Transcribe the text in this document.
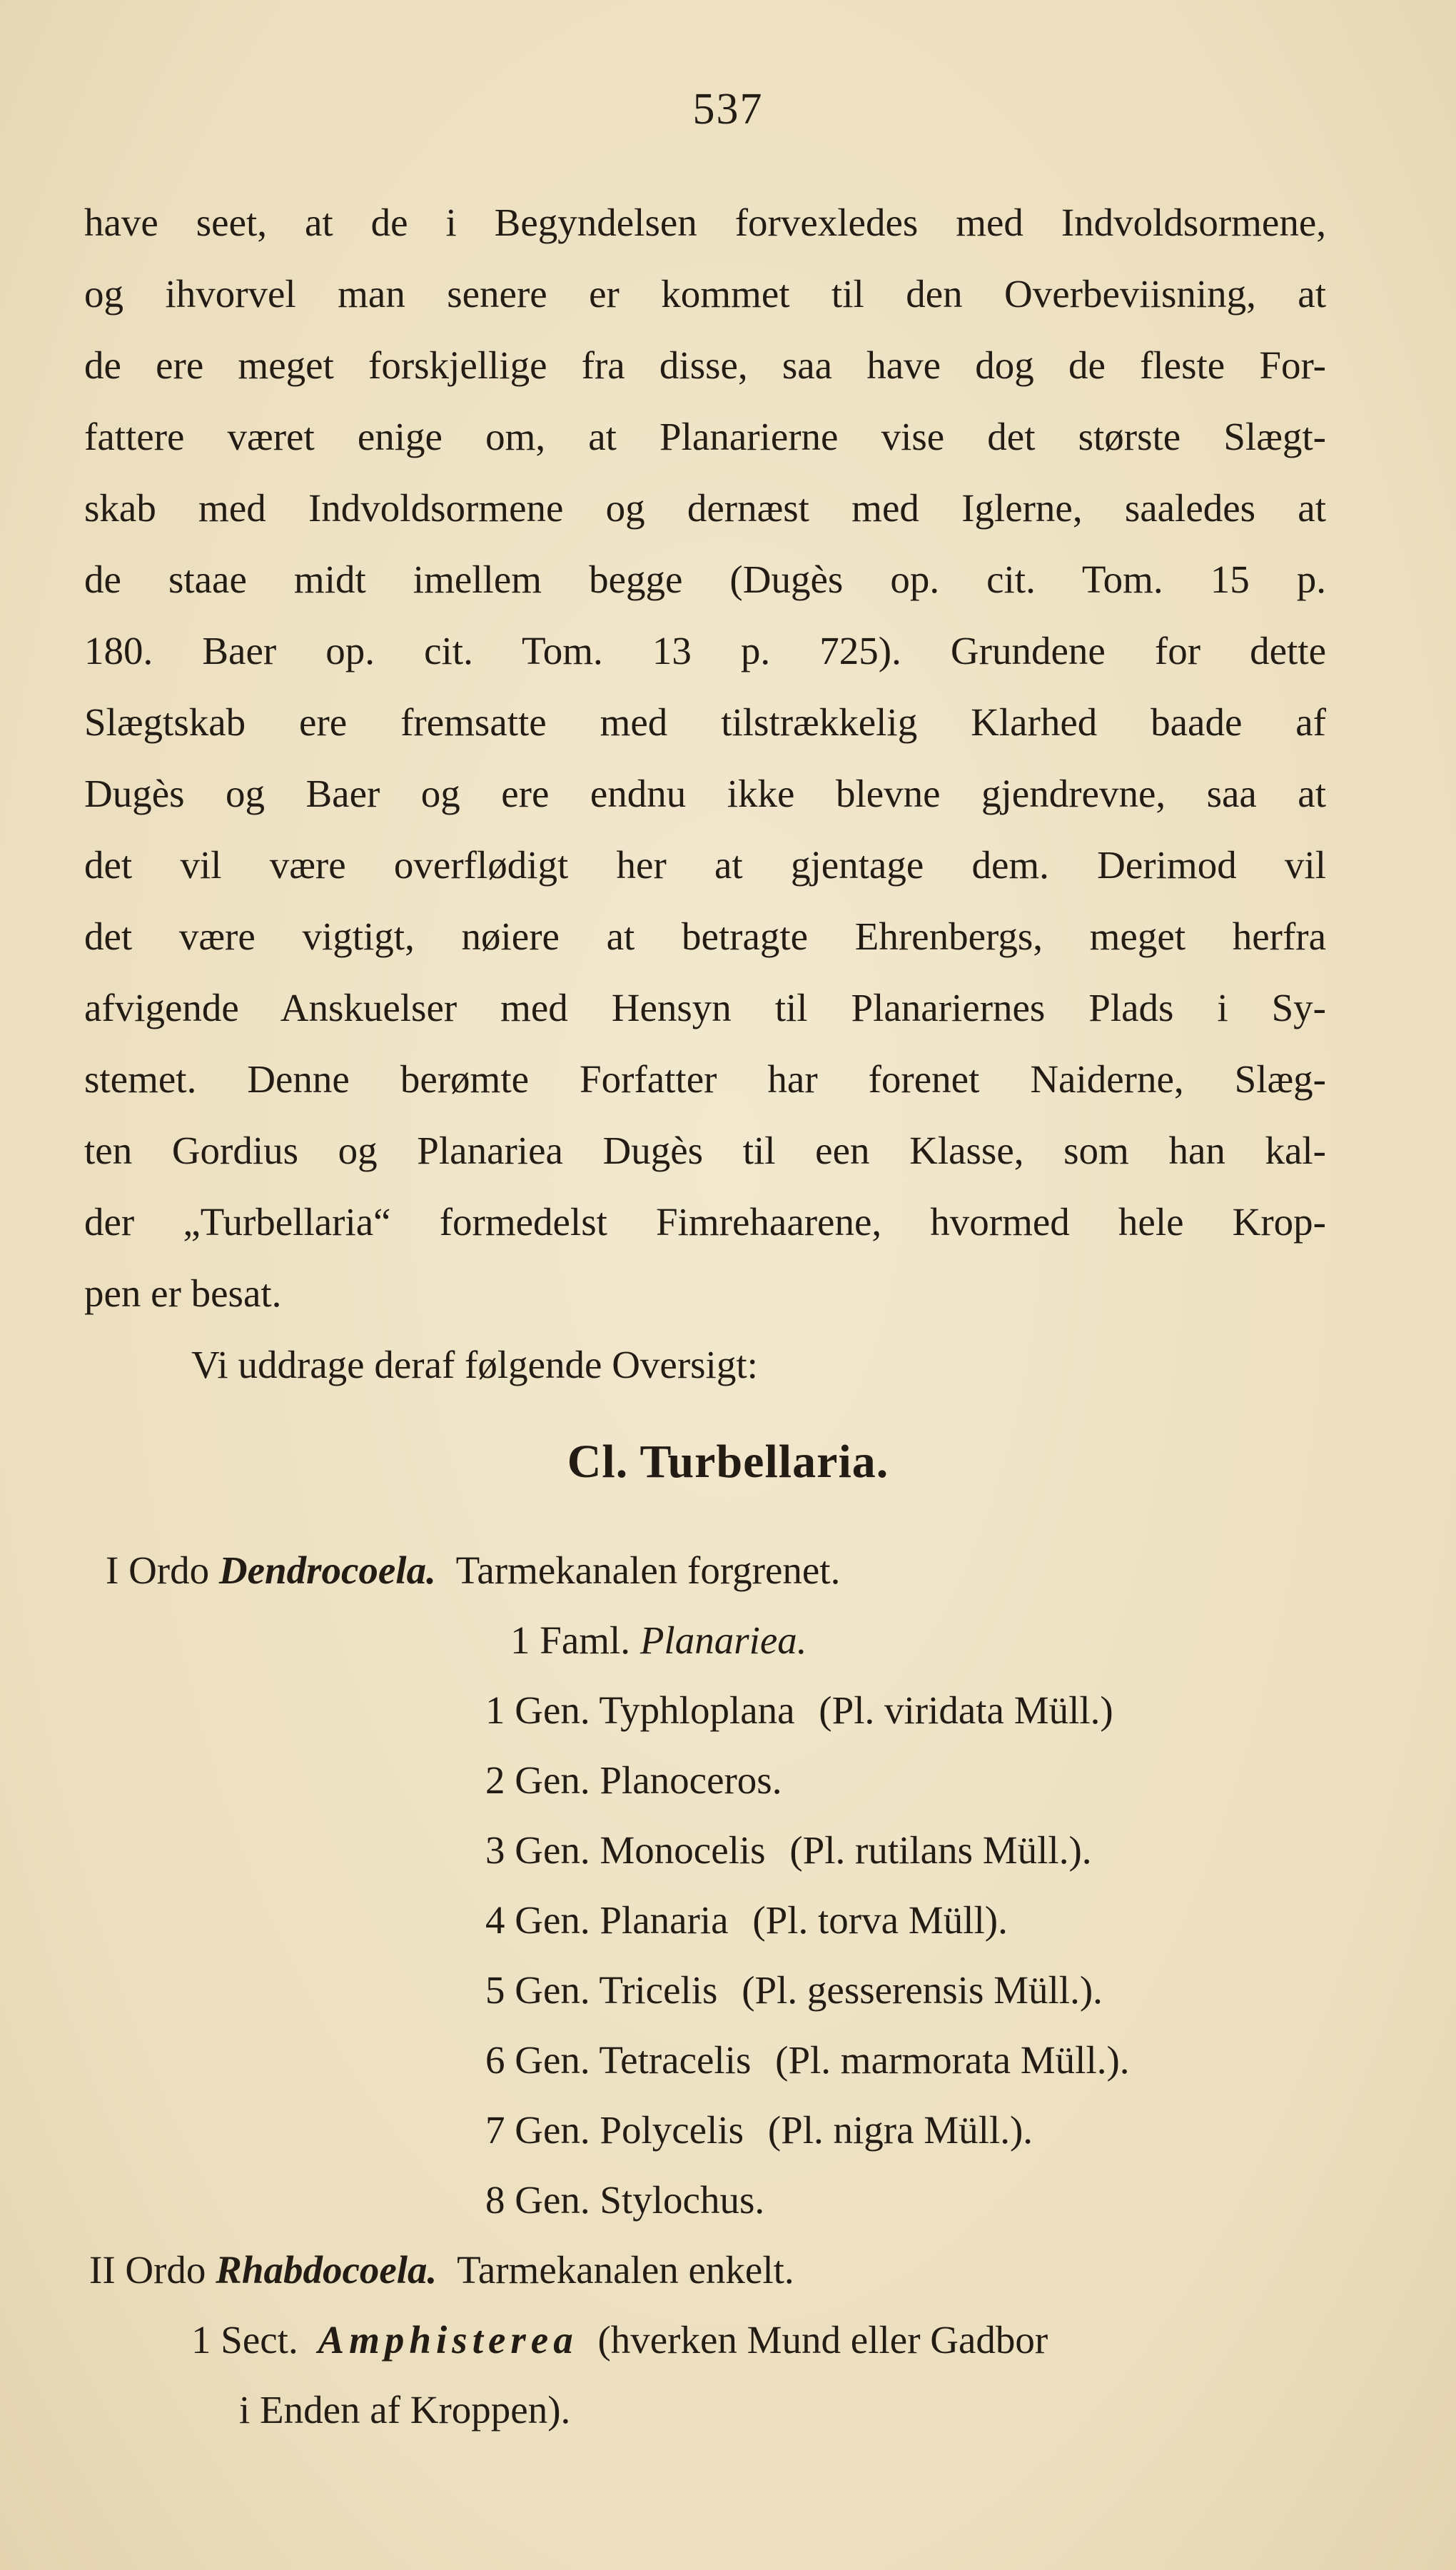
537
have seet, at de i Begyndelsen forvexledes med Indvoldsormene,
og ihvorvel man senere er kommet til den Overbeviisning, at
de ere meget forskjellige fra disse, saa have dog de fleste For-
fattere været enige om, at Planarierne vise det største Slægt-
skab med Indvoldsormene og dernæst med Iglerne, saaledes at
de staae midt imellem begge (Dugès op. cit. Tom. 15 p.
180. Baer op. cit. Tom. 13 p. 725). Grundene for dette
Slægtskab ere fremsatte med tilstrækkelig Klarhed baade af
Dugès og Baer og ere endnu ikke blevne gjendrevne, saa at
det vil være overflødigt her at gjentage dem. Derimod vil
det være vigtigt, nøiere at betragte Ehrenbergs, meget herfra
afvigende Anskuelser med Hensyn til Planariernes Plads i Sy-
stemet. Denne berømte Forfatter har forenet Naiderne, Slæg-
ten Gordius og Planariea Dugès til een Klasse, som han kal-
der „Turbellaria“ formedelst Fimrehaarene, hvormed hele Krop-
pen er besat.
Vi uddrage deraf følgende Oversigt:
Cl. Turbellaria.
I Ordo Dendrocoela. Tarmekanalen forgrenet.
1 Faml. Planariea.
1 Gen. Typhloplana (Pl. viridata Müll.)
2 Gen. Planoceros.
3 Gen. Monocelis (Pl. rutilans Müll.).
4 Gen. Planaria (Pl. torva Müll).
5 Gen. Tricelis (Pl. gesserensis Müll.).
6 Gen. Tetracelis (Pl. marmorata Müll.).
7 Gen. Polycelis (Pl. nigra Müll.).
8 Gen. Stylochus.
II Ordo Rhabdocoela. Tarmekanalen enkelt.
1 Sect. Amphisterea (hverken Mund eller Gadbor
i Enden af Kroppen).
